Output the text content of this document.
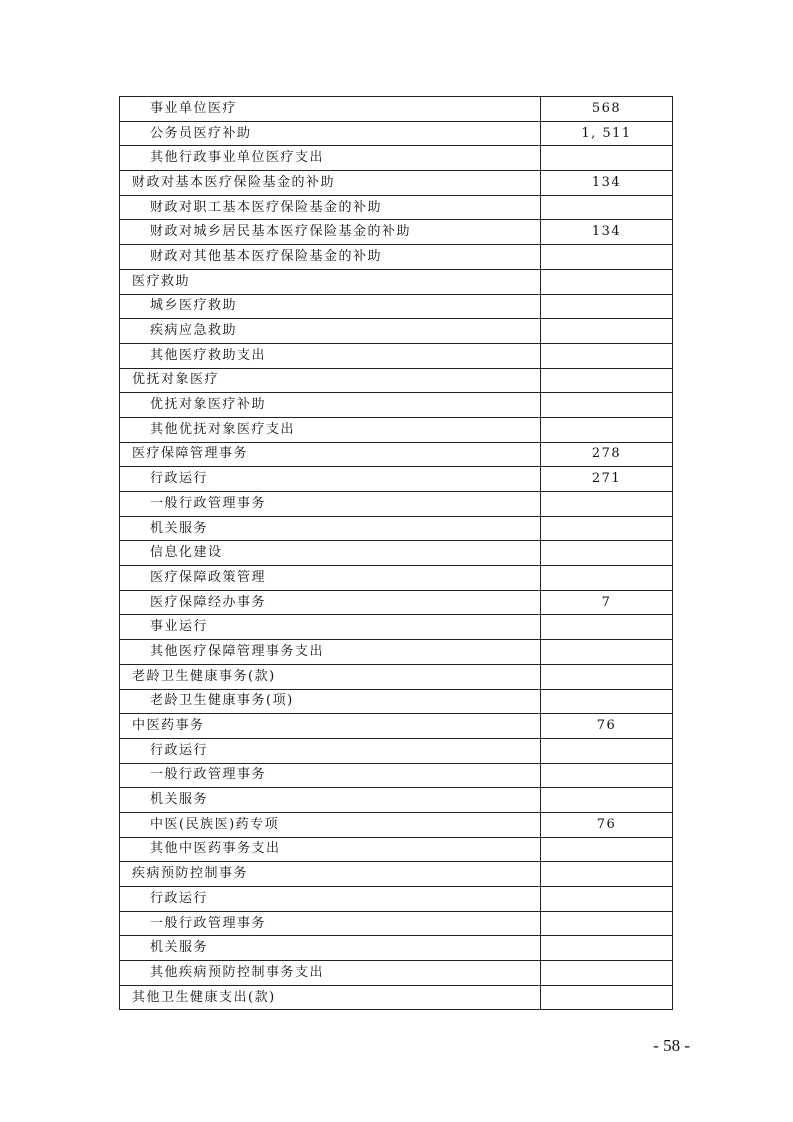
事业单位医疗	568
公务员医疗补助	1, 511
其他行政事业单位医疗支出	
财政对基本医疗保险基金的补助	134
财政对职工基本医疗保险基金的补助	
财政对城乡居民基本医疗保险基金的补助	134
财政对其他基本医疗保险基金的补助	
医疗救助	
城乡医疗救助	
疾病应急救助	
其他医疗救助支出	
优抚对象医疗	
优抚对象医疗补助	
其他优抚对象医疗支出	
医疗保障管理事务	278
行政运行	271
一般行政管理事务	
机关服务	
信息化建设	
医疗保障政策管理	
医疗保障经办事务	7
事业运行	
其他医疗保障管理事务支出	
老龄卫生健康事务(款)	
老龄卫生健康事务(项)	
中医药事务	76
行政运行	
一般行政管理事务	
机关服务	
中医(民族医)药专项	76
其他中医药事务支出	
疾病预防控制事务	
行政运行	
一般行政管理事务	
机关服务	
其他疾病预防控制事务支出	
其他卫生健康支出(款)	
- 58 -
